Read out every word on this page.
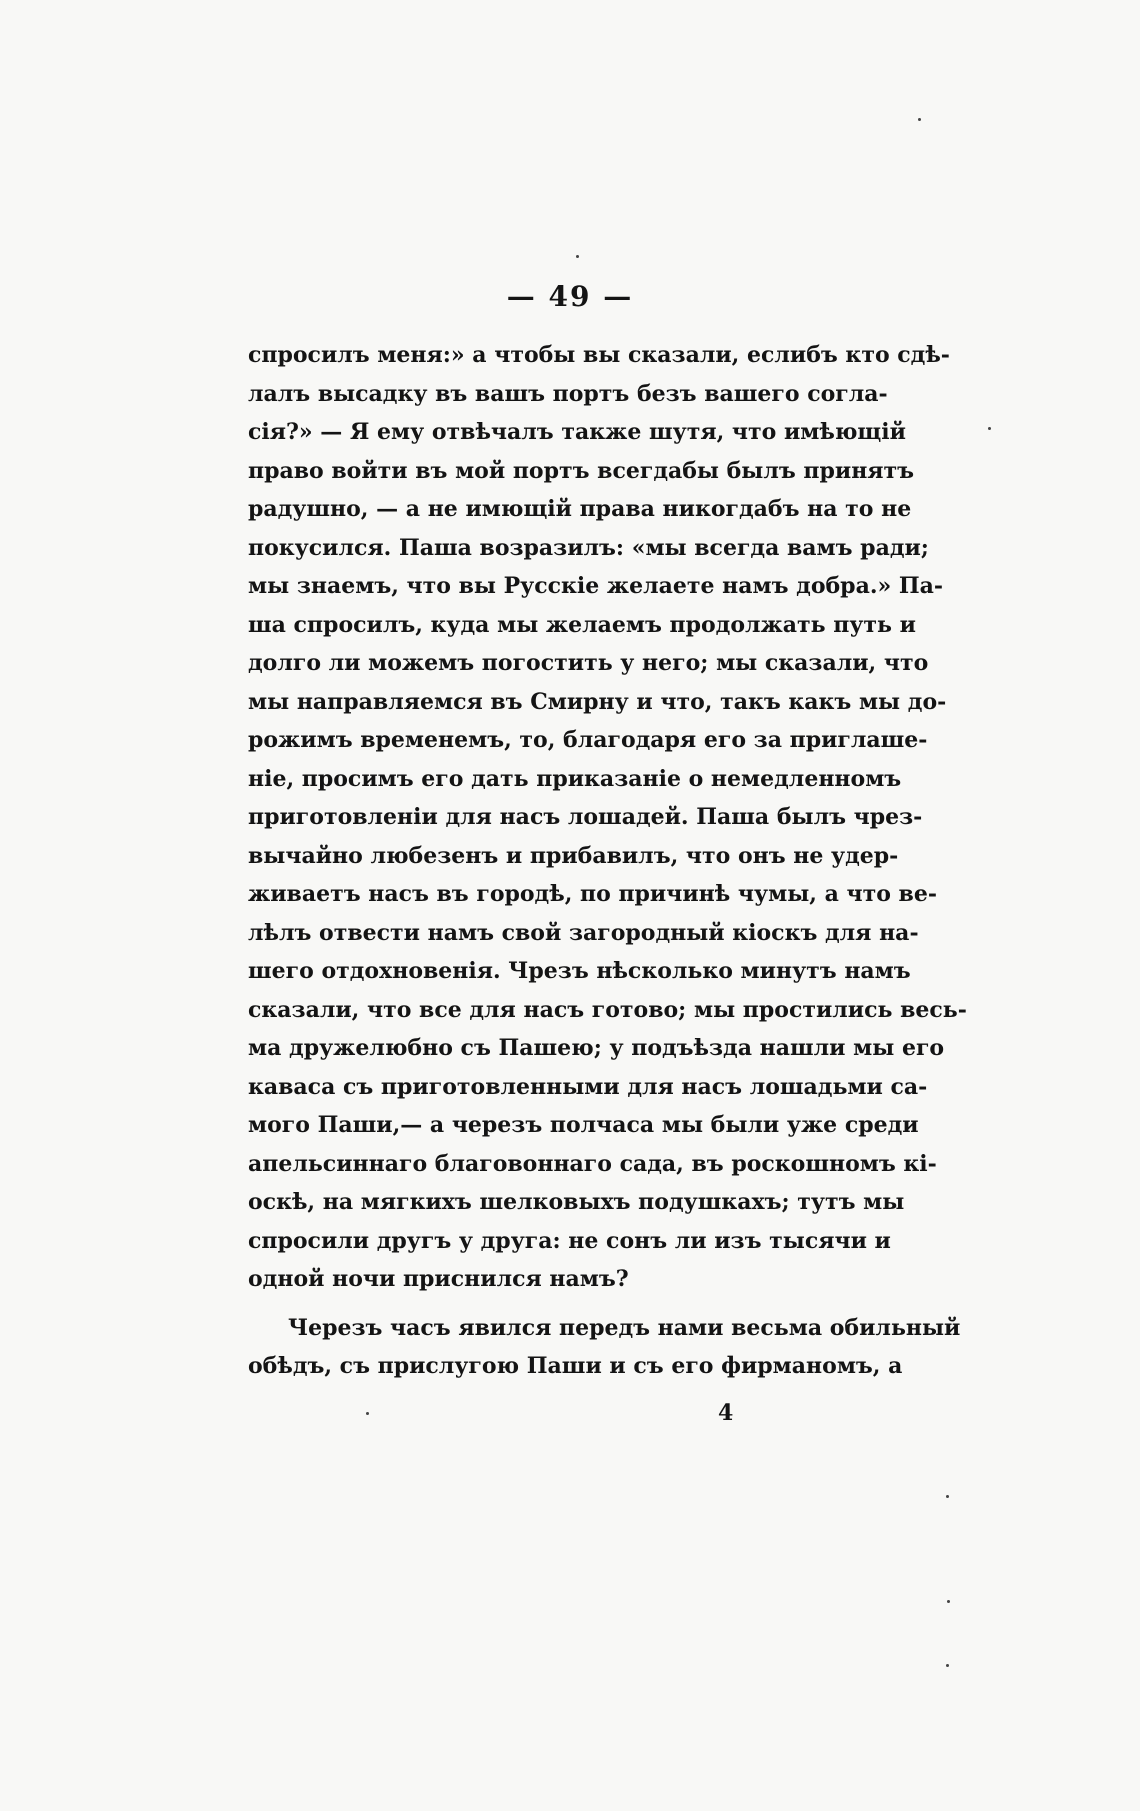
— 49 —
спросилъ меня:» а чтобы вы сказали, еслибъ кто сдѣ-
лалъ высадку въ вашъ портъ безъ вашего согла-
сія?» — Я ему отвѣчалъ также шутя, что имѣющій
право войти въ мой портъ всегдабы былъ принятъ
радушно, — а не имющій права никогдабъ на то не
покусился. Паша возразилъ: «мы всегда вамъ ради;
мы знаемъ, что вы Русскіе желаете намъ добра.» Па-
ша спросилъ, куда мы желаемъ продолжать путь и
долго ли можемъ погостить у него; мы сказали, что
мы направляемся въ Смирну и что, такъ какъ мы до-
рожимъ временемъ, то, благодаря его за приглаше-
ніе, просимъ его дать приказаніе о немедленномъ
приготовленіи для насъ лошадей. Паша былъ чрез-
вычайно любезенъ и прибавилъ, что онъ не удер-
живаетъ насъ въ городѣ, по причинѣ чумы, а что ве-
лѣлъ отвести намъ свой загородный кіоскъ для на-
шего отдохновенія. Чрезъ нѣсколько минутъ намъ
сказали, что все для насъ готово; мы простились весь-
ма дружелюбно съ Пашею; у подъѣзда нашли мы его
каваса съ приготовленными для насъ лошадьми са-
мого Паши,— а черезъ полчаса мы были уже среди
апельсиннаго благовоннаго сада, въ роскошномъ кі-
оскѣ, на мягкихъ шелковыхъ подушкахъ; тутъ мы
спросили другъ у друга: не сонъ ли изъ тысячи и
одной ночи приснился намъ?
Черезъ часъ явился передъ нами весьма обильный
обѣдъ, съ прислугою Паши и съ его фирманомъ, а
4
